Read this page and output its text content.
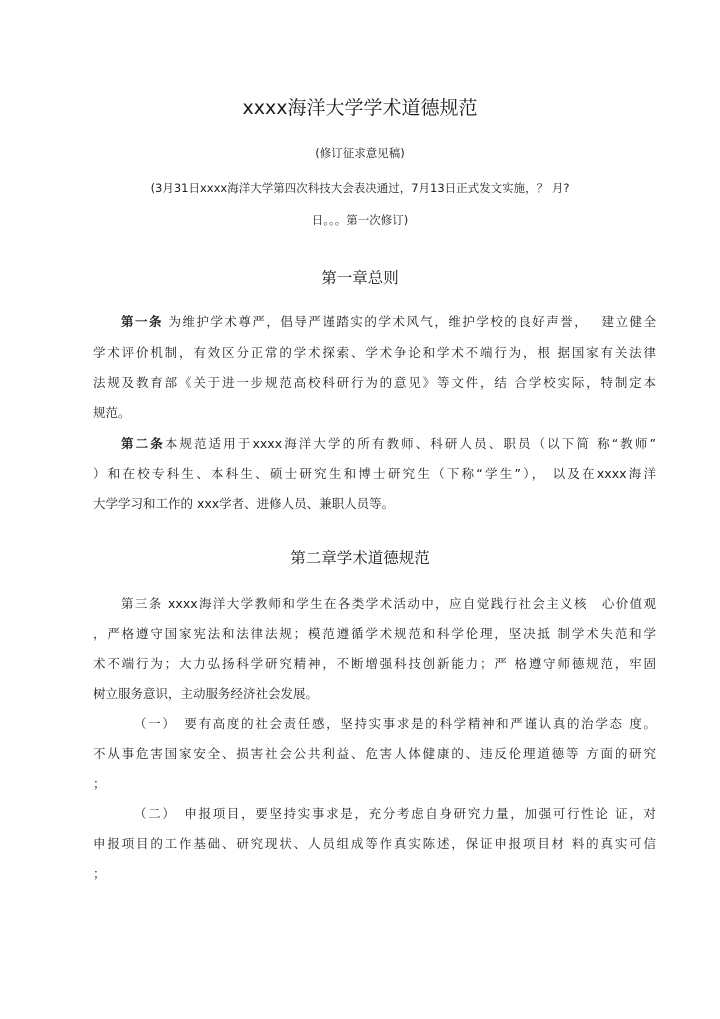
xxxx海洋大学学术道德规范
(修订征求意见稿)
(3月31日xxxx海洋大学第四次科技大会表决通过，7月13日正式发文实施，？ 月?
日。。。第一次修订)
第一章总则
第一条 为维护学术尊严，倡导严谨踏实的学术风气，维护学校的良好声誉，　 建立健全
学术评价机制，有效区分正常的学术探索、学术争论和学术不端行为，根 据国家有关法律
法规及教育部《关于进一步规范高校科研行为的意见》等文件，结 合学校实际，特制定本
规范。
第二条本规范适用于xxxx海洋大学的所有教师、科研人员、职员（以下简 称“教师”
）和在校专科生、本科生、硕士研究生和博士研究生（下称“学生”）， 以及在xxxx海洋
大学学习和工作的 xxx学者、进修人员、兼职人员等。
第二章学术道德规范
第三条 xxxx海洋大学教师和学生在各类学术活动中，应自觉践行社会主义核　心价值观
，严格遵守国家宪法和法律法规；模范遵循学术规范和科学伦理，坚决抵 制学术失范和学
术不端行为；大力弘扬科学研究精神，不断增强科技创新能力；严 格遵守师德规范，牢固
树立服务意识，主动服务经济社会发展。
（一）　要有高度的社会责任感，坚持实事求是的科学精神和严谨认真的治学态 度。
不从事危害国家安全、损害社会公共利益、危害人体健康的、违反伦理道德等 方面的研究
；
（二）　申报项目，要坚持实事求是，充分考虑自身研究力量，加强可行性论 证，对
申报项目的工作基础、研究现状、人员组成等作真实陈述，保证申报项目材 料的真实可信
；
